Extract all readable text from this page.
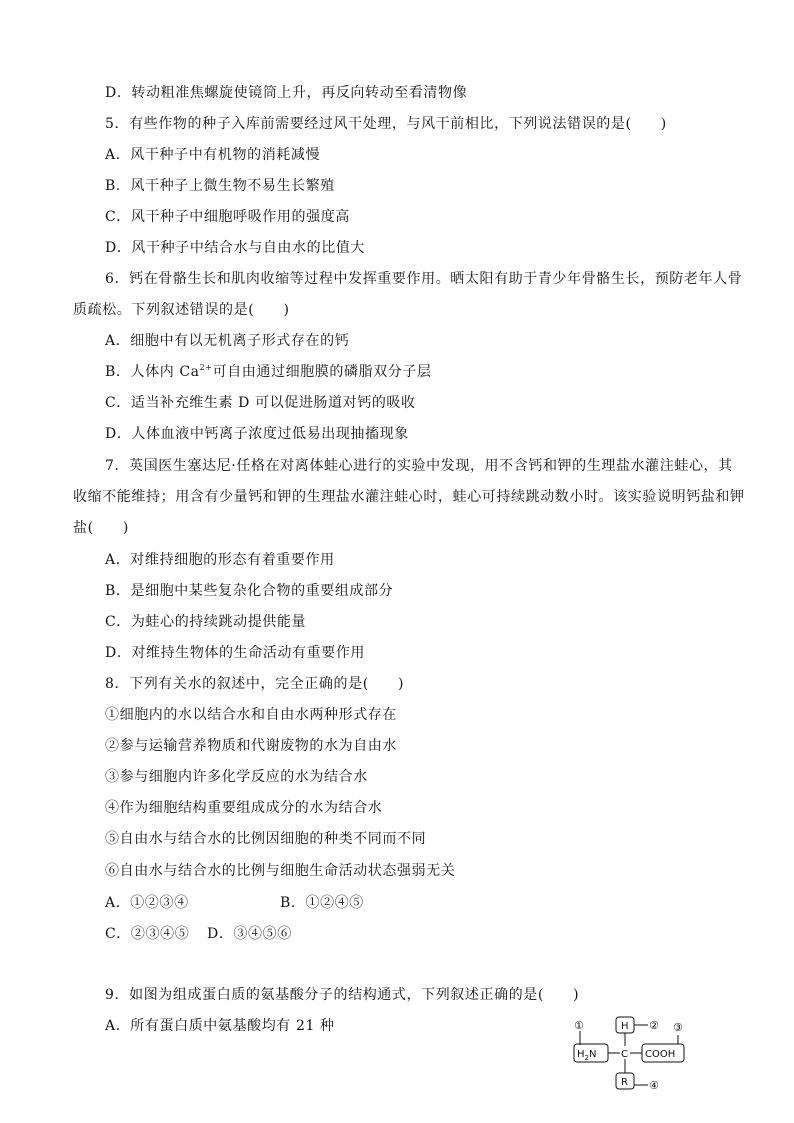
D．转动粗准焦螺旋使镜筒上升，再反向转动至看清物像
5．有些作物的种子入库前需要经过风干处理，与风干前相比，下列说法错误的是(　　)
A．风干种子中有机物的消耗减慢
B．风干种子上微生物不易生长繁殖
C．风干种子中细胞呼吸作用的强度高
D．风干种子中结合水与自由水的比值大
6．钙在骨骼生长和肌肉收缩等过程中发挥重要作用。晒太阳有助于青少年骨骼生长，预防老年人骨
质疏松。下列叙述错误的是(　　)
A．细胞中有以无机离子形式存在的钙
B．人体内 $Ca^{2+}$可自由通过细胞膜的磷脂双分子层
C．适当补充维生素 D 可以促进肠道对钙的吸收
D．人体血液中钙离子浓度过低易出现抽搐现象
7．英国医生塞达尼·任格在对离体蛙心进行的实验中发现，用不含钙和钾的生理盐水灌注蛙心，其
收缩不能维持；用含有少量钙和钾的生理盐水灌注蛙心时，蛙心可持续跳动数小时。该实验说明钙盐和钾
盐(　　)
A．对维持细胞的形态有着重要作用
B．是细胞中某些复杂化合物的重要组成部分
C．为蛙心的持续跳动提供能量
D．对维持生物体的生命活动有重要作用
8．下列有关水的叙述中，完全正确的是(　　)
①细胞内的水以结合水和自由水两种形式存在
②参与运输营养物质和代谢废物的水为自由水
③参与细胞内许多化学反应的水为结合水
④作为细胞结构重要组成成分的水为结合水
⑤自由水与结合水的比例因细胞的种类不同而不同
⑥自由水与结合水的比例与细胞生命活动状态强弱无关
A．①②③④	B．①②④⑤
C．②③④⑤ D．③④⑤⑥
9．如图为组成蛋白质的氨基酸分子的结构通式，下列叙述正确的是(　　)
A．所有蛋白质中氨基酸均有 21 种	①
$H_2N$ C
H ②
COOH
③
R ④
